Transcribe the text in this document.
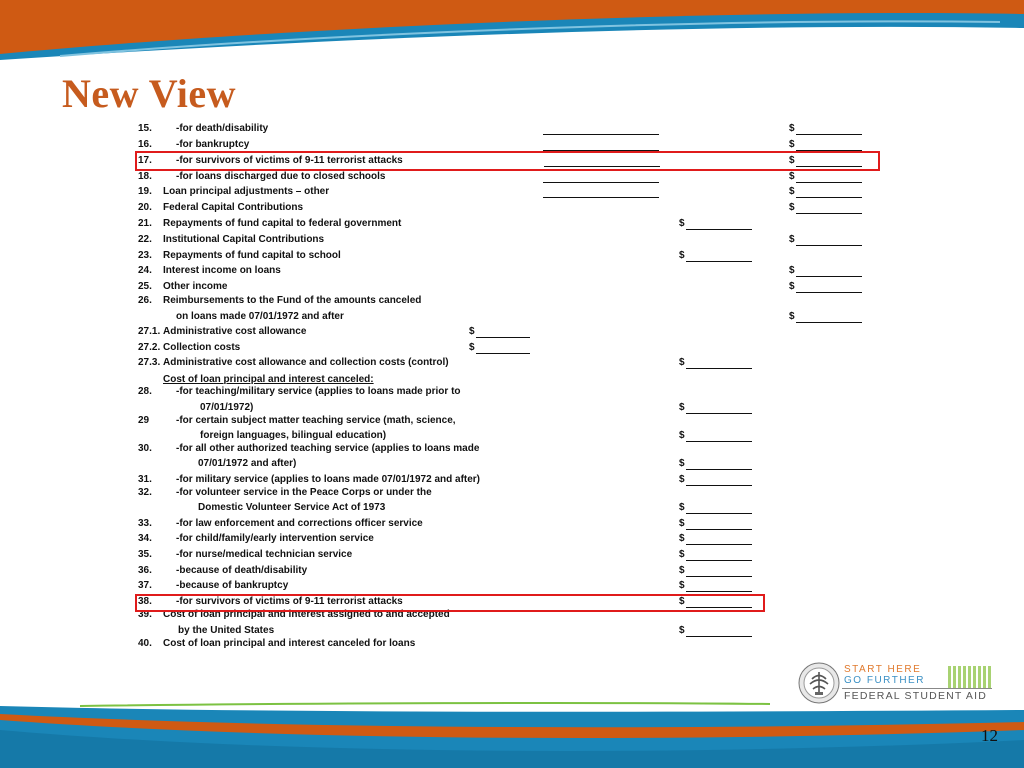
New View
15. -for death/disability
16. -for bankruptcy
17. -for survivors of victims of 9-11 terrorist attacks
18. -for loans discharged due to closed schools
19. Loan principal adjustments – other
20. Federal Capital Contributions
21. Repayments of fund capital to federal government
22. Institutional Capital Contributions
23. Repayments of fund capital to school
24. Interest income on loans
25. Other income
26. Reimbursements to the Fund of the amounts canceled
on loans made 07/01/1972 and after
27.1. Administrative cost allowance
27.2. Collection costs
27.3. Administrative cost allowance and collection costs (control)
Cost of loan principal and interest canceled:
28. -for teaching/military service (applies to loans made prior to
07/01/1972)
29	-for certain subject matter teaching service (math, science,
foreign languages, bilingual education)
30. -for all other authorized teaching service (applies to loans made
07/01/1972 and after)
31. -for military service (applies to loans made 07/01/1972 and after)
32. -for volunteer service in the Peace Corps or under the
Domestic Volunteer Service Act of 1973
33. -for law enforcement and corrections officer service
34. -for child/family/early intervention service
35. -for nurse/medical technician service
36. -because of death/disability
37. -because of bankruptcy
38. -for survivors of victims of 9-11 terrorist attacks
39. Cost of loan principal and interest assigned to and accepted
by the United States
40. Cost of loan principal and interest canceled for loans
$
$
$
$
$
$
$
$
$
$
$
$
$
$
$
$
$
$
$
$
$
$
$
$
$
$
$
START HERE
GO FURTHER
FEDERAL STUDENT AID
12
